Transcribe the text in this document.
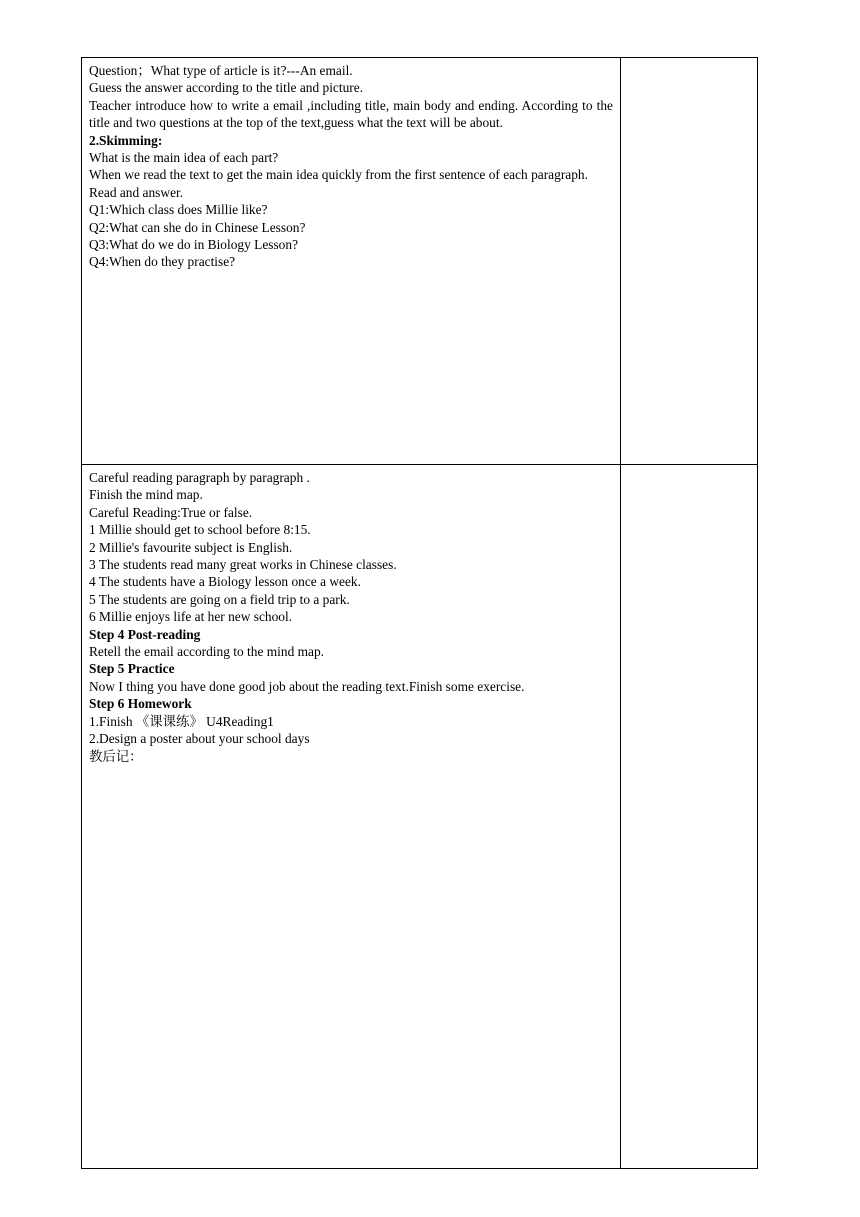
Question；What type of article is it?---An email.

Guess the answer according to the title and picture.

Teacher introduce how to write a email ,including title, main body and ending. According to the title and two questions at the top of the text,guess what the text will be about.

2.Skimming:

What is the main idea of each part?

When we read the text to get the main idea quickly from the first sentence of each paragraph.

Read and answer.

Q1:Which class does Millie like?

Q2:What can she do in Chinese Lesson?

Q3:What do we do in Biology Lesson?

Q4:When do they practise?

Careful reading paragraph by paragraph .

Finish the mind map.

Careful Reading:True or false.

1 Millie should get to school before 8:15.

2 Millie's favourite subject is English.

3 The students read many great works in Chinese classes.

4 The students have a Biology lesson once a week.

5 The students are going on a field trip to a park.

6 Millie enjoys life at her new school.

Step 4 Post-reading

Retell the email according to the mind map.

Step 5 Practice

Now I thing you have done good job about the reading text.Finish some exercise.

Step 6 Homework

1.Finish 《课课练》 U4Reading1

2.Design a poster about your school days

教后记：
